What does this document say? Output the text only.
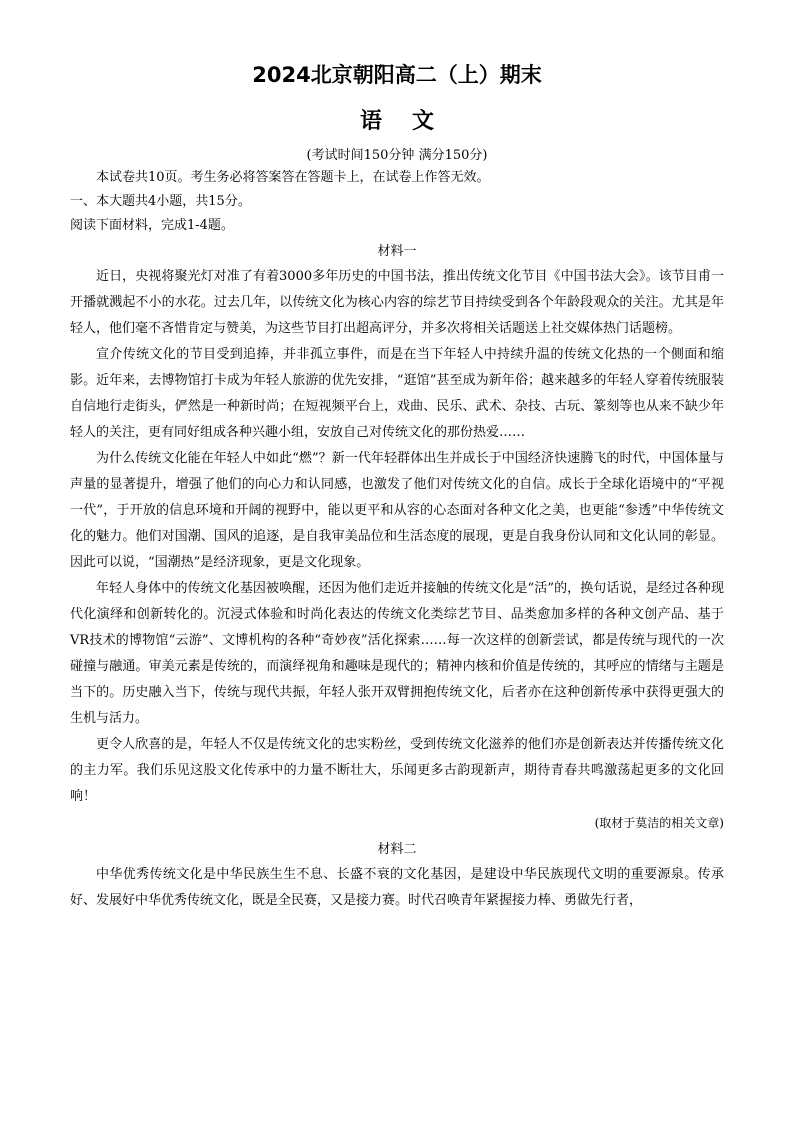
2024北京朝阳高二（上）期末
语文
(考试时间150分钟 满分150分)

本试卷共10页。考生务必将答案答在答题卡上，在试卷上作答无效。

一、本大题共4小题，共15分。

阅读下面材料，完成1-4题。

材料一

近日，央视将聚光灯对准了有着3000多年历史的中国书法，推出传统文化节目《中国书法大会》。该节目甫一开播就溅起不小的水花。过去几年，以传统文化为核心内容的综艺节目持续受到各个年龄段观众的关注。尤其是年轻人，他们毫不吝惜肯定与赞美，为这些节目打出超高评分，并多次将相关话题送上社交媒体热门话题榜。

宣介传统文化的节目受到追捧，并非孤立事件，而是在当下年轻人中持续升温的传统文化热的一个侧面和缩影。近年来，去博物馆打卡成为年轻人旅游的优先安排，“逛馆”甚至成为新年俗；越来越多的年轻人穿着传统服装自信地行走街头，俨然是一种新时尚；在短视频平台上，戏曲、民乐、武术、杂技、古玩、篆刻等也从来不缺少年轻人的关注，更有同好组成各种兴趣小组，安放自己对传统文化的那份热爱……

为什么传统文化能在年轻人中如此“燃”？新一代年轻群体出生并成长于中国经济快速腾飞的时代，中国体量与声量的显著提升，增强了他们的向心力和认同感，也激发了他们对传统文化的自信。成长于全球化语境中的“平视一代”，于开放的信息环境和开阔的视野中，能以更平和从容的心态面对各种文化之美，也更能“参透”中华传统文化的魅力。他们对国潮、国风的追逐，是自我审美品位和生活态度的展现，更是自我身份认同和文化认同的彰显。因此可以说，“国潮热”是经济现象，更是文化现象。

年轻人身体中的传统文化基因被唤醒，还因为他们走近并接触的传统文化是“活”的，换句话说，是经过各种现代化演绎和创新转化的。沉浸式体验和时尚化表达的传统文化类综艺节目、品类愈加多样的各种文创产品、基于VR技术的博物馆“云游”、文博机构的各种“奇妙夜”活化探索……每一次这样的创新尝试，都是传统与现代的一次碰撞与融通。审美元素是传统的，而演绎视角和趣味是现代的；精神内核和价值是传统的，其呼应的情绪与主题是当下的。历史融入当下，传统与现代共振，年轻人张开双臂拥抱传统文化，后者亦在这种创新传承中获得更强大的生机与活力。

更令人欣喜的是，年轻人不仅是传统文化的忠实粉丝，受到传统文化滋养的他们亦是创新表达并传播传统文化的主力军。我们乐见这股文化传承中的力量不断壮大，乐闻更多古韵现新声，期待青春共鸣激荡起更多的文化回响！

(取材于莫洁的相关文章)

材料二

中华优秀传统文化是中华民族生生不息、长盛不衰的文化基因，是建设中华民族现代文明的重要源泉。传承好、发展好中华优秀传统文化，既是全民赛，又是接力赛。时代召唤青年紧握接力棒、勇做先行者，
